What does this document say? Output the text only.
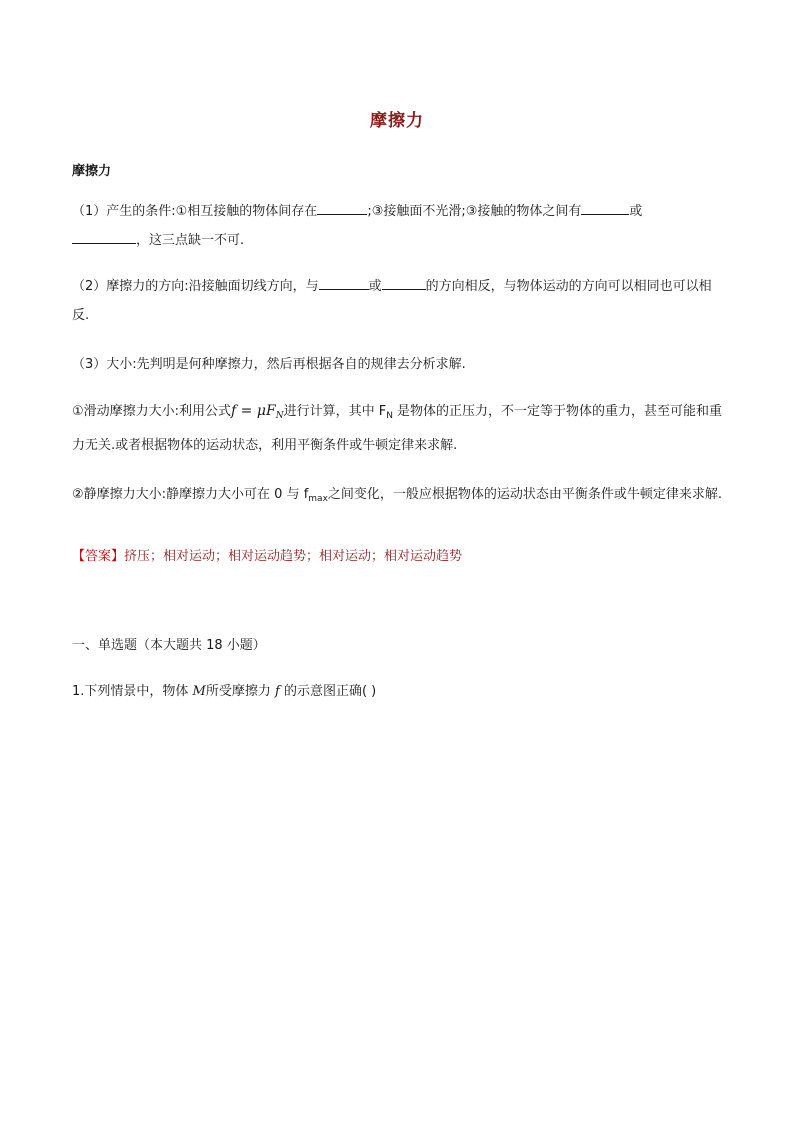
摩擦力
摩擦力
（1）产生的条件:①相互接触的物体间存在	;③接触面不光滑;③接触的物体之间有	或
，这三点缺一不可.
（2）摩擦力的方向:沿接触面切线方向，与	或	的方向相反，与物体运动的方向可以相同也可以相反.
（3）大小:先判明是何种摩擦力，然后再根据各自的规律去分析求解.
①滑动摩擦力大小:利用公式$f = \mu F_N$进行计算，其中 $F_N$ 是物体的正压力，不一定等于物体的重力，甚至可能和重力无关.或者根据物体的运动状态，利用平衡条件或牛顿定律来求解.
②静摩擦力大小:静摩擦力大小可在 0 与 $f_{max}$之间变化，一般应根据物体的运动状态由平衡条件或牛顿定律来求解.
【答案】挤压；相对运动；相对运动趋势；相对运动；相对运动趋势
一、单选题（本大题共 18 小题）
1.下列情景中，物体 M所受摩擦力 f 的示意图正确( )
